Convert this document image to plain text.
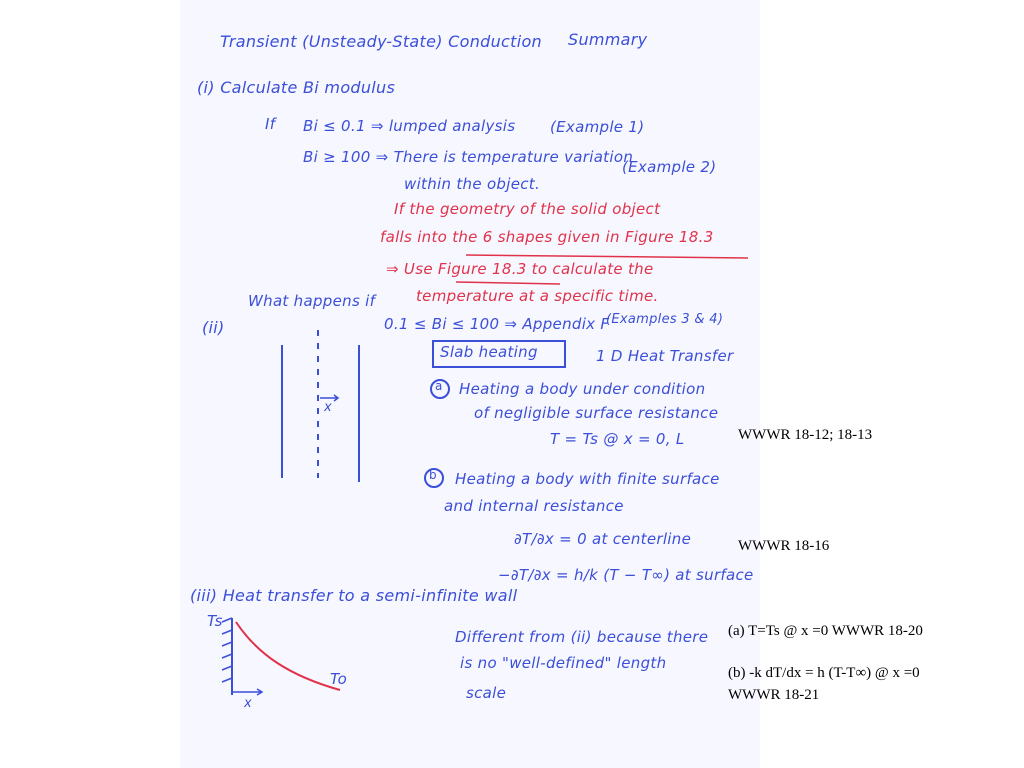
Transient (Unsteady-State) Conduction Summary
(i) Calculate Bi modulus
If Bi ≤ 0.1 ⇒ lumped analysis (Example 1)
Bi ≥ 100 ⇒ There is temperature variation
(Example 2)
within the object.
If the geometry of the solid object
falls into the 6 shapes given in Figure 18.3
⇒ Use Figure 18.3 to calculate the
temperature at a specific time.
What happens if
(ii)	0.1 ≤ Bi ≤ 100 ⇒ Appendix F
(Examples 3 & 4)
Slab heating	1 D Heat Transfer
x
Heating a body under condition
of negligible surface resistance
T = Ts @ x = 0, L
Heating a body with finite surface
and internal resistance
∂T/∂x = 0 at centerline
−∂T/∂x = h/k (T − T∞) at surface
(iii) Heat transfer to a semi-infinite wall
Ts
To
x
Different from (ii) because there
is no "well-defined" length
scale
a
b
WWWR 18-12; 18-13
WWWR 18-16
(a) T=Ts @ x =0 WWWR 18-20
(b) -k dT/dx = h (T-T∞) @ x =0
WWWR 18-21
